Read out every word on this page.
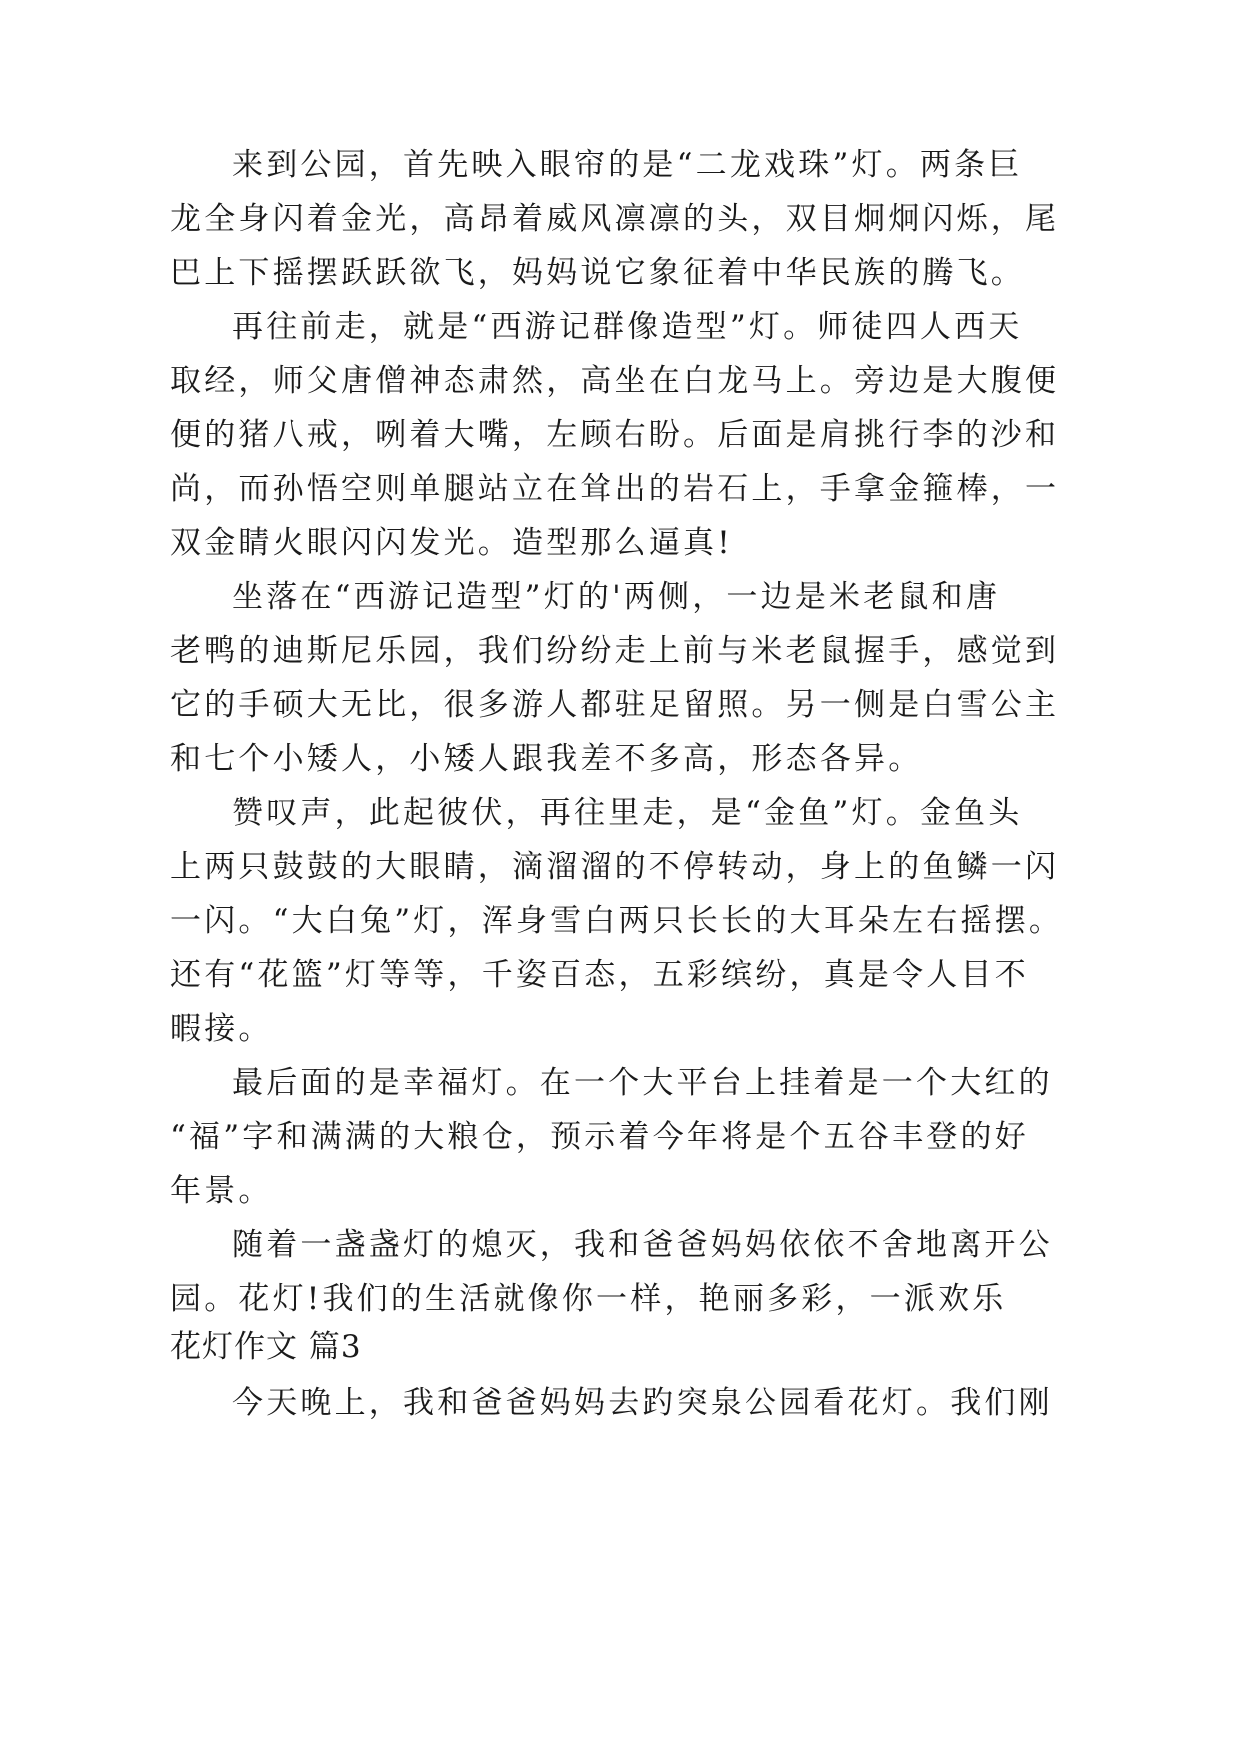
来到公园，首先映入眼帘的是“二龙戏珠”灯。两条巨
龙全身闪着金光，高昂着威风凛凛的头，双目炯炯闪烁，尾
巴上下摇摆跃跃欲飞，妈妈说它象征着中华民族的腾飞。
再往前走，就是“西游记群像造型”灯。师徒四人西天
取经，师父唐僧神态肃然，高坐在白龙马上。旁边是大腹便
便的猪八戒，咧着大嘴，左顾右盼。后面是肩挑行李的沙和
尚，而孙悟空则单腿站立在耸出的岩石上，手拿金箍棒，一
双金睛火眼闪闪发光。造型那么逼真!
坐落在“西游记造型”灯的'两侧，一边是米老鼠和唐
老鸭的迪斯尼乐园，我们纷纷走上前与米老鼠握手，感觉到
它的手硕大无比，很多游人都驻足留照。另一侧是白雪公主
和七个小矮人，小矮人跟我差不多高，形态各异。
赞叹声，此起彼伏，再往里走，是“金鱼”灯。金鱼头
上两只鼓鼓的大眼睛，滴溜溜的不停转动，身上的鱼鳞一闪
一闪。“大白兔”灯，浑身雪白两只长长的大耳朵左右摇摆。
还有“花篮”灯等等，千姿百态，五彩缤纷，真是令人目不
暇接。
最后面的是幸福灯。在一个大平台上挂着是一个大红的
“福”字和满满的大粮仓，预示着今年将是个五谷丰登的好
年景。
随着一盏盏灯的熄灭，我和爸爸妈妈依依不舍地离开公
园。花灯!我们的生活就像你一样，艳丽多彩，一派欢乐
花灯作文 篇3
今天晚上，我和爸爸妈妈去趵突泉公园看花灯。我们刚
